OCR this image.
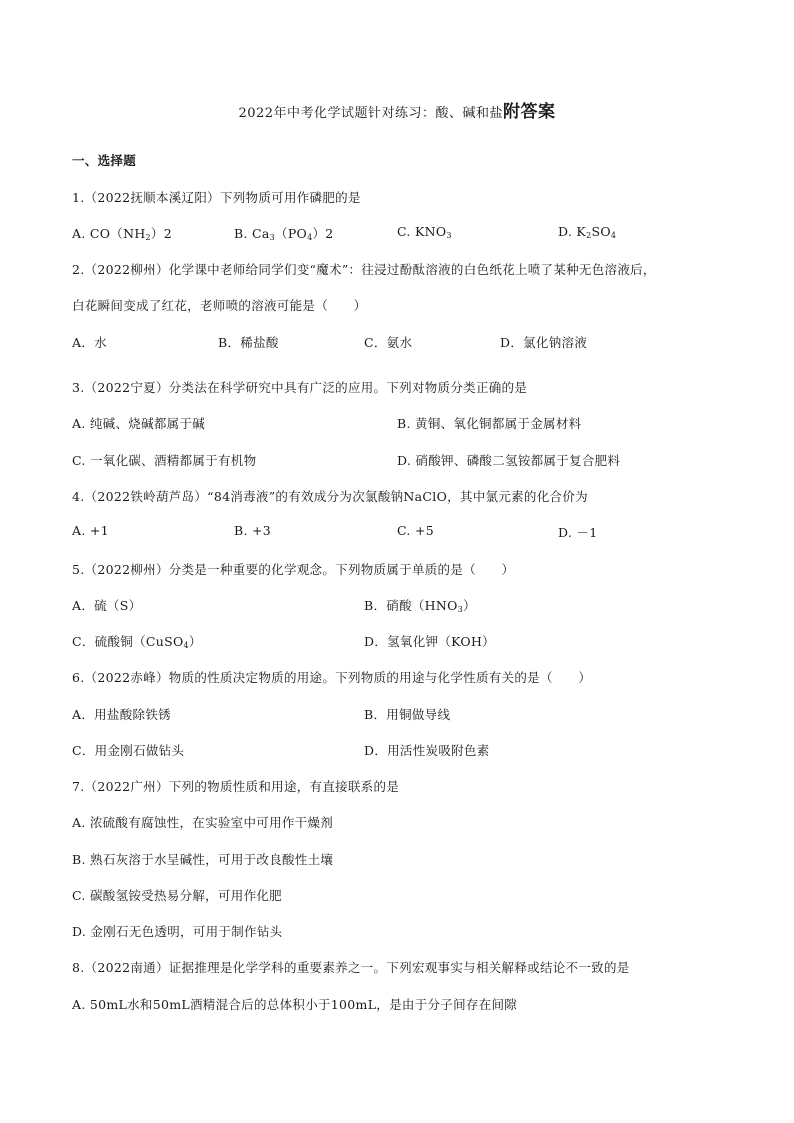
2022年中考化学试题针对练习：酸、碱和盐附答案
一、选择题
1.（2022抚顺本溪辽阳）下列物质可用作磷肥的是
A. $CO(NH_2)2$	B. $Ca_3(PO_4)2$	C. $KNO_3$	D. $K_2SO_4$
2.（2022柳州）化学课中老师给同学们变“魔术”：往浸过酚酞溶液的白色纸花上喷了某种无色溶液后，
白花瞬间变成了红花，老师喷的溶液可能是（　　）
A．水	B．稀盐酸	C．氨水	D．氯化钠溶液
3.（2022宁夏）分类法在科学研究中具有广泛的应用。下列对物质分类正确的是
A. 纯碱、烧碱都属于碱	B. 黄铜、氧化铜都属于金属材料
C. 一氧化碳、酒精都属于有机物	D. 硝酸钾、磷酸二氢铵都属于复合肥料
4.（2022铁岭葫芦岛）“84消毒液”的有效成分为次氯酸钠NaClO，其中氯元素的化合价为
A. +1	B. +3	C. +5	D. －1
5.（2022柳州）分类是一种重要的化学观念。下列物质属于单质的是（　　）
A．硫（S）	B．硝酸$(HNO_3)$
C．硫酸铜（CuSO$_4$）	D．氢氧化钾（KOH）
6.（2022赤峰）物质的性质决定物质的用途。下列物质的用途与化学性质有关的是（　　）
A．用盐酸除铁锈	B．用铜做导线
C．用金刚石做钻头	D．用活性炭吸附色素
7.（2022广州）下列的物质性质和用途，有直接联系的是
A. 浓硫酸有腐蚀性，在实验室中可用作干燥剂
B. 熟石灰溶于水呈碱性，可用于改良酸性土壤
C. 碳酸氢铵受热易分解，可用作化肥
D. 金刚石无色透明，可用于制作钻头
8.（2022南通）证据推理是化学学科的重要素养之一。下列宏观事实与相关解释或结论不一致的是
A. 50mL水和50mL酒精混合后的总体积小于100mL，是由于分子间存在间隙
